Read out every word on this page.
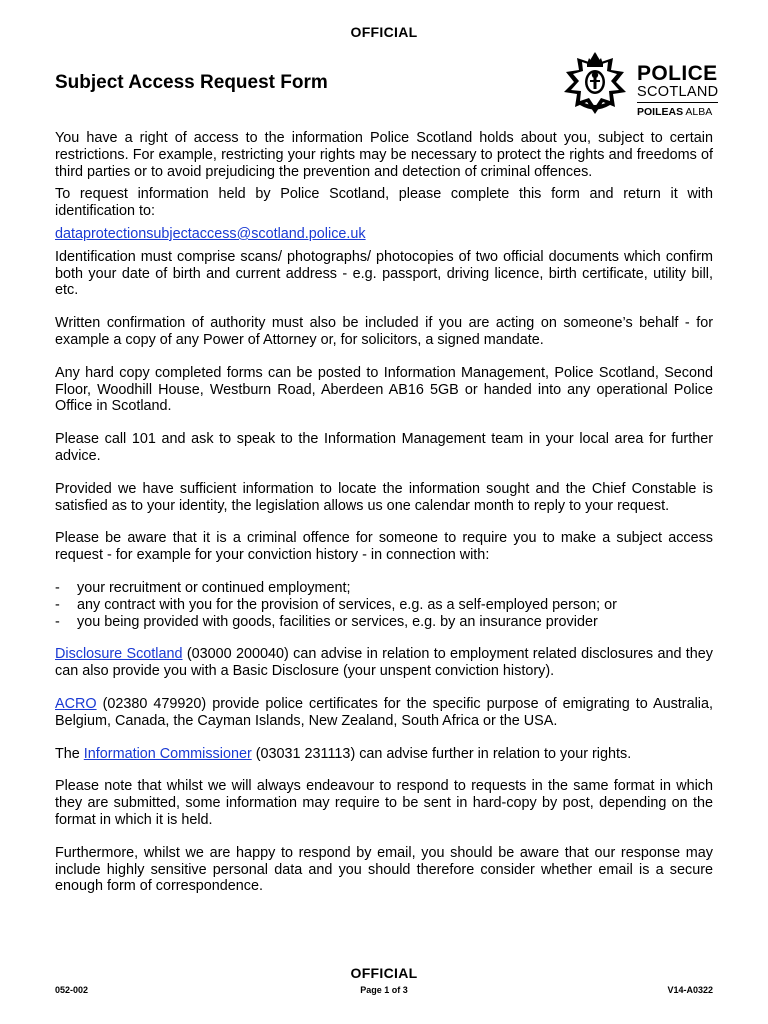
OFFICIAL
Subject Access Request Form	POLICE
SCOTLAND
POILEAS ALBA

You have a right of access to the information Police Scotland holds about you, subject to certain restrictions. For example, restricting your rights may be necessary to protect the rights and freedoms of third parties or to avoid prejudicing the prevention and detection of criminal offences.

To request information held by Police Scotland, please complete this form and return it with identification to:

dataprotectionsubjectaccess@scotland.police.uk

Identification must comprise scans/ photographs/ photocopies of two official documents which confirm both your date of birth and current address - e.g. passport, driving licence, birth certificate, utility bill, etc.

Written confirmation of authority must also be included if you are acting on someone’s behalf - for example a copy of any Power of Attorney or, for solicitors, a signed mandate.

Any hard copy completed forms can be posted to Information Management, Police Scotland, Second Floor, Woodhill House, Westburn Road, Aberdeen AB16 5GB or handed into any operational Police Office in Scotland.

Please call 101 and ask to speak to the Information Management team in your local area for further advice.

Provided we have sufficient information to locate the information sought and the Chief Constable is satisfied as to your identity, the legislation allows us one calendar month to reply to your request.

Please be aware that it is a criminal offence for someone to require you to make a subject access request - for example for your conviction history - in connection with:

- your recruitment or continued employment;
- any contract with you for the provision of services, e.g. as a self-employed person; or
- you being provided with goods, facilities or services, e.g. by an insurance provider

Disclosure Scotland (03000 200040) can advise in relation to employment related disclosures and they can also provide you with a Basic Disclosure (your unspent conviction history).

ACRO (02380 479920) provide police certificates for the specific purpose of emigrating to Australia, Belgium, Canada, the Cayman Islands, New Zealand, South Africa or the USA.

The Information Commissioner (03031 231113) can advise further in relation to your rights.

Please note that whilst we will always endeavour to respond to requests in the same format in which they are submitted, some information may require to be sent in hard-copy by post, depending on the format in which it is held.

Furthermore, whilst we are happy to respond by email, you should be aware that our response may include highly sensitive personal data and you should therefore consider whether email is a secure enough form of correspondence.

OFFICIAL
052-002	Page 1 of 3	V14-A0322
